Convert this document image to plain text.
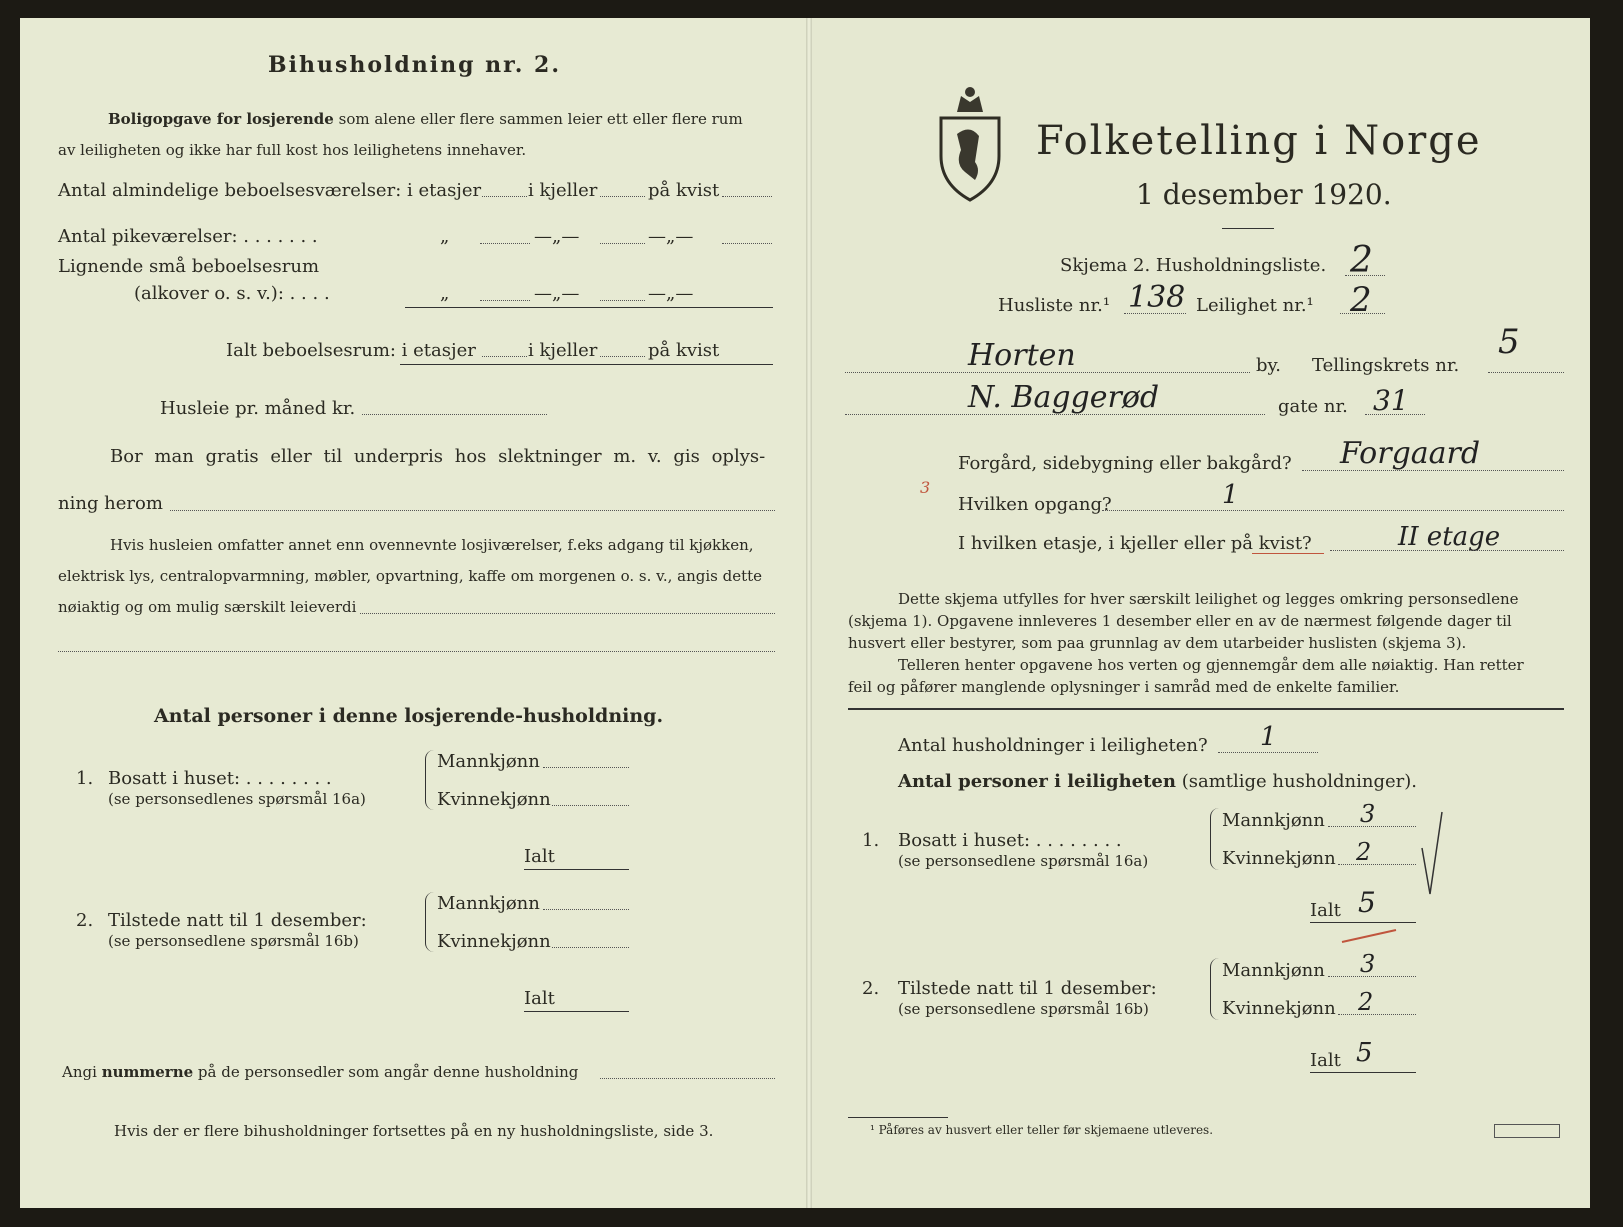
Bihusholdning nr. 2.
Boligopgave for losjerende som alene eller flere sammen leier ett eller flere rum
av leiligheten og ikke har full kost hos leilighetens innehaver.
Antal almindelige beboelsesværelser: i etasjer	i kjeller	på kvist
Antal pikeværelser: . . . . . . .	„	—„—	—„—
Lignende små beboelsesrum
(alkover o. s. v.): . . . .	„	—„—	—„—
Ialt beboelsesrum: i etasjer	i kjeller	på kvist
Husleie pr. måned kr.
Bor man gratis eller til underpris hos slektninger m. v. gis oplys-
ning herom
Hvis husleien omfatter annet enn ovennevnte losjiværelser, f.eks adgang til kjøkken,
elektrisk lys, centralopvarmning, møbler, opvartning, kaffe om morgenen o. s. v., angis dette
nøiaktig og om mulig særskilt leieverdi
Antal personer i denne losjerende-husholdning.
1. Bosatt i huset: . . . . . . . .
(se personsedlenes spørsmål 16a)
Mannkjønn
Kvinnekjønn
Ialt
2. Tilstede natt til 1 desember:
(se personsedlene spørsmål 16b)
Mannkjønn
Kvinnekjønn
Ialt
Angi nummerne på de personsedler som angår denne husholdning
Hvis der er flere bihusholdninger fortsettes på en ny husholdningsliste, side 3.
Folketelling i Norge
1 desember 1920.
Skjema 2. Husholdningsliste. 2
Husliste nr.¹ 138 Leilighet nr.¹ 2
Horten	by. Tellingskrets nr.
5
N. Baggerød	gate nr. 31
Forgård, sidebygning eller bakgård? Forgaard
3
Hvilken opgang?	1
I hvilken etasje, i kjeller eller på kvist?	II etage
Dette skjema utfylles for hver særskilt leilighet og legges omkring personsedlene
(skjema 1). Opgavene innleveres 1 desember eller en av de nærmest følgende dager til
husvert eller bestyrer, som paa grunnlag av dem utarbeider huslisten (skjema 3).
Telleren henter opgavene hos verten og gjennemgår dem alle nøiaktig. Han retter
feil og påfører manglende oplysninger i samråd med de enkelte familier.
Antal husholdninger i leiligheten? 1
Antal personer i leiligheten (samtlige husholdninger).
1. Bosatt i huset: . . . . . . . .
(se personsedlene spørsmål 16a)
Mannkjønn 3
Kvinnekjønn 2
Ialt 5
2. Tilstede natt til 1 desember:
(se personsedlene spørsmål 16b)
Mannkjønn 3
Kvinnekjønn 2
Ialt 5
¹ Påføres av husvert eller teller før skjemaene utleveres.
